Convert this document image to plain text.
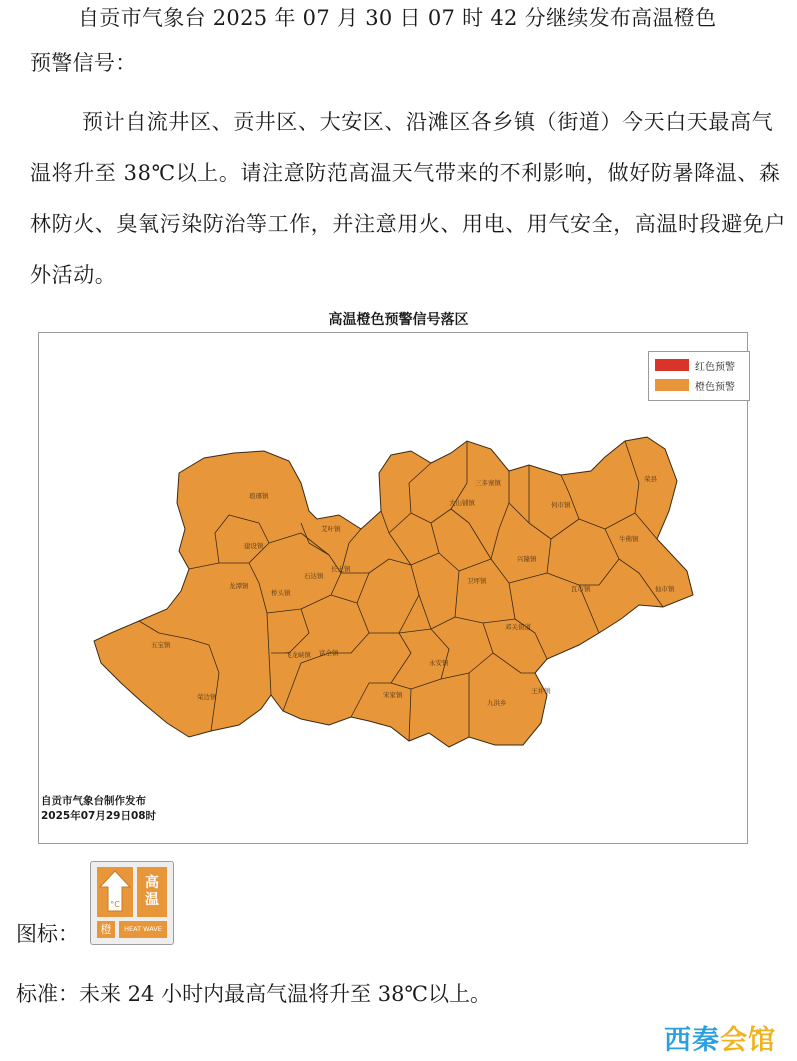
自贡市气象台 2025 年 07 月 30 日 07 时 42 分继续发布高温橙色
预警信号：
预计自流井区、贡井区、大安区、沿滩区各乡镇（街道）今天白天最高气温将升至 38℃以上。请注意防范高温天气带来的不利影响，做好防暑降温、森林防火、臭氧污染防治等工作，并注意用火、用电、用气安全，高温时段避免户外活动。
高温橙色预警信号落区
琅琊镇
建设镇
艾叶镇
龙潭镇
桥头镇
五宝镇
荣边镇
石达镇
长土镇
三多寨镇
大山铺镇	何市镇
牛佛镇
卫坪镇
兴隆镇
瓦市镇
邓关街道
永安镇
九洪乡
仙市镇
王井镇
富全镇
飞龙峡镇
宋家镇
荣县
红色预警
橙色预警
自贡市气象台制作发布
2025年07月29日08时
图标：
°C
高
温
橙	HEAT WAVE
标准：未来 24 小时内最高气温将升至 38℃以上。
西秦会馆
